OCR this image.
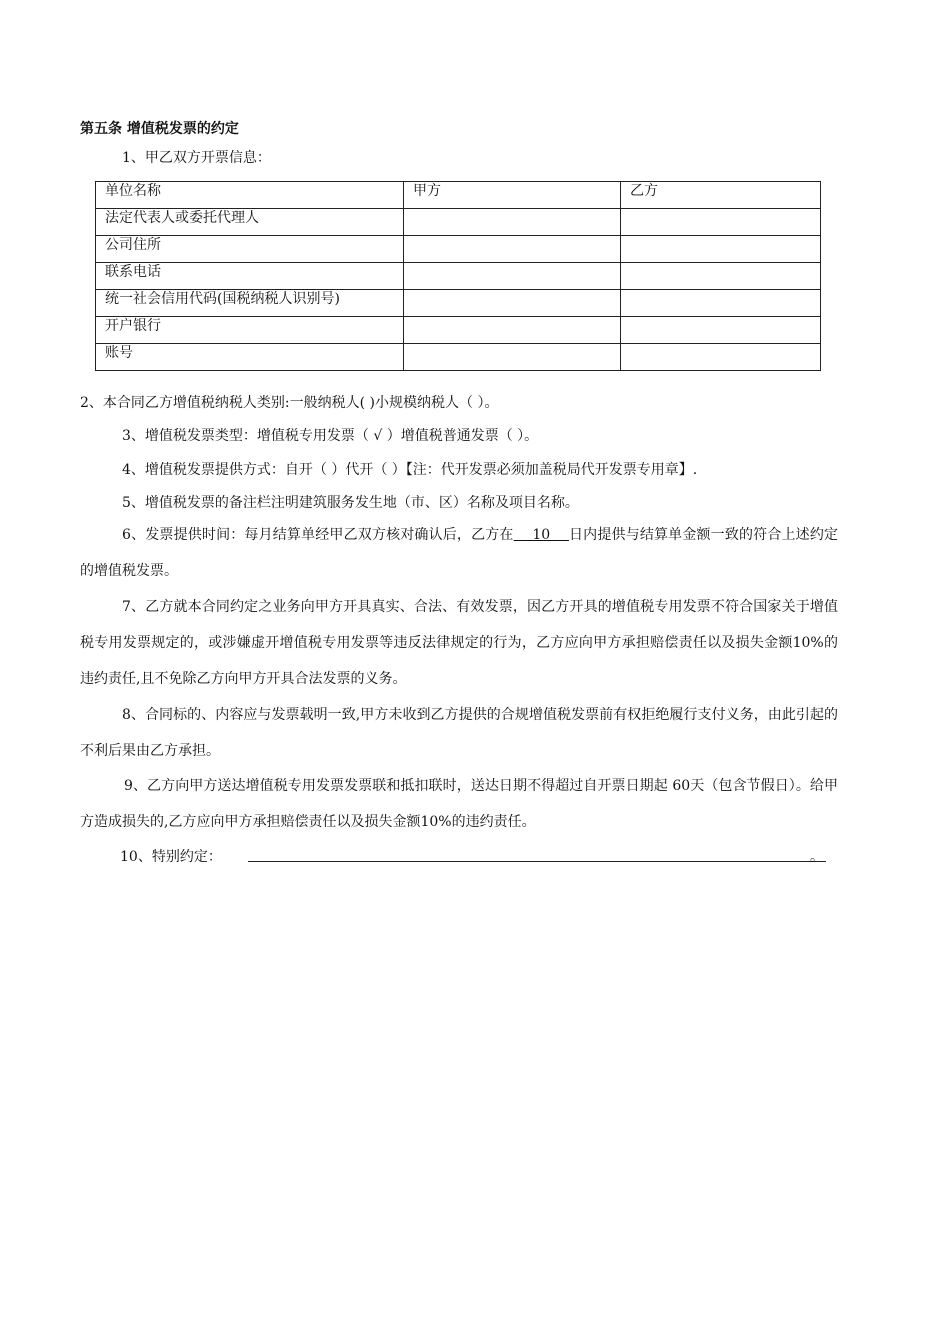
第五条 增值税发票的约定
1、甲乙双方开票信息：
单位名称	甲方	乙方
法定代表人或委托代理人		
公司住所		
联系电话		
统一社会信用代码(国税纳税人识别号)		
开户银行		
账号		
2、本合同乙方增值税纳税人类别:一般纳税人( )小规模纳税人（ ）。
3、增值税发票类型：增值税专用发票（ √ ）增值税普通发票（ ）。
4、增值税发票提供方式：自开（ ）代开（ ）【注：代开发票必须加盖税局代开发票专用章】.
5、增值税发票的备注栏注明建筑服务发生地（市、区）名称及项目名称。
6、发票提供时间：每月结算单经甲乙双方核对确认后，乙方在　 10 　日内提供与结算单金额一致的符合上述约定的增值税发票。
7、乙方就本合同约定之业务向甲方开具真实、合法、有效发票，因乙方开具的增值税专用发票不符合国家关于增值税专用发票规定的，或涉嫌虚开增值税专用发票等违反法律规定的行为，乙方应向甲方承担赔偿责任以及损失金额10%的违约责任,且不免除乙方向甲方开具合法发票的义务。
8、合同标的、内容应与发票载明一致,甲方未收到乙方提供的合规增值税发票前有权拒绝履行支付义务，由此引起的不利后果由乙方承担。
9、乙方向甲方送达增值税专用发票发票联和抵扣联时，送达日期不得超过自开票日期起 60天（包含节假日）。给甲方造成损失的,乙方应向甲方承担赔偿责任以及损失金额10%的违约责任。
10、特别约定：	。
